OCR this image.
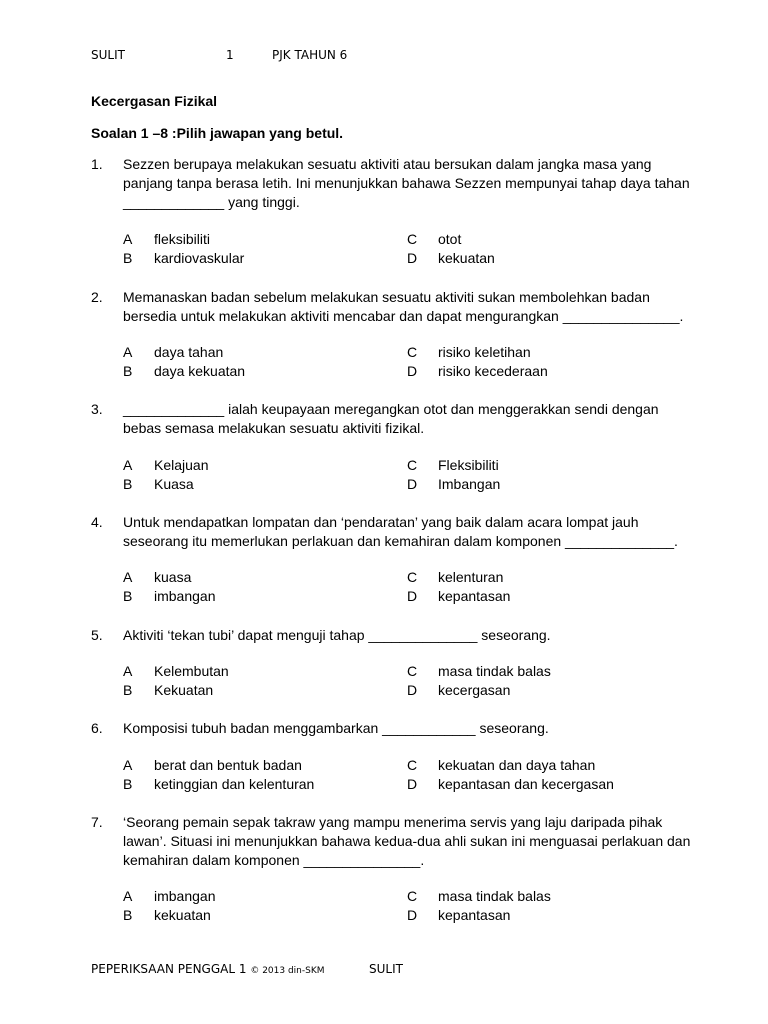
SULIT	1	PJK TAHUN 6
Kecergasan Fizikal
Soalan 1 –8 :Pilih jawapan yang betul.
1. Sezzen berupaya melakukan sesuatu aktiviti atau bersukan dalam jangka masa yang panjang tanpa berasa letih. Ini menunjukkan bahawa Sezzen mempunyai tahap daya tahan _____________ yang tinggi.
A fleksibiliti
B kardiovaskular
C otot
D kekuatan
2. Memanaskan badan sebelum melakukan sesuatu aktiviti sukan membolehkan badan bersedia untuk melakukan aktiviti mencabar dan dapat mengurangkan _______________.
A daya tahan
B daya kekuatan
C risiko keletihan
D risiko kecederaan
3. _____________ ialah keupayaan meregangkan otot dan menggerakkan sendi dengan bebas semasa melakukan sesuatu aktiviti fizikal.
A Kelajuan
B Kuasa
C Fleksibiliti
D Imbangan
4. Untuk mendapatkan lompatan dan ‘pendaratan’ yang baik dalam acara lompat jauh seseorang itu memerlukan perlakuan dan kemahiran dalam komponen ______________.
A kuasa
B imbangan
C kelenturan
D kepantasan
5. Aktiviti ‘tekan tubi’ dapat menguji tahap ______________ seseorang.
A Kelembutan
B Kekuatan
C masa tindak balas
D kecergasan
6. Komposisi tubuh badan menggambarkan ____________ seseorang.
A berat dan bentuk badan
B ketinggian dan kelenturan
C kekuatan dan daya tahan
D kepantasan dan kecergasan
7. ‘Seorang pemain sepak takraw yang mampu menerima servis yang laju daripada pihak lawan’. Situasi ini menunjukkan bahawa kedua-dua ahli sukan ini menguasai perlakuan dan kemahiran dalam komponen _______________.
A imbangan
B kekuatan
C masa tindak balas
D kepantasan
PEPERIKSAAN PENGGAL 1 © 2013 din-SKM	SULIT
